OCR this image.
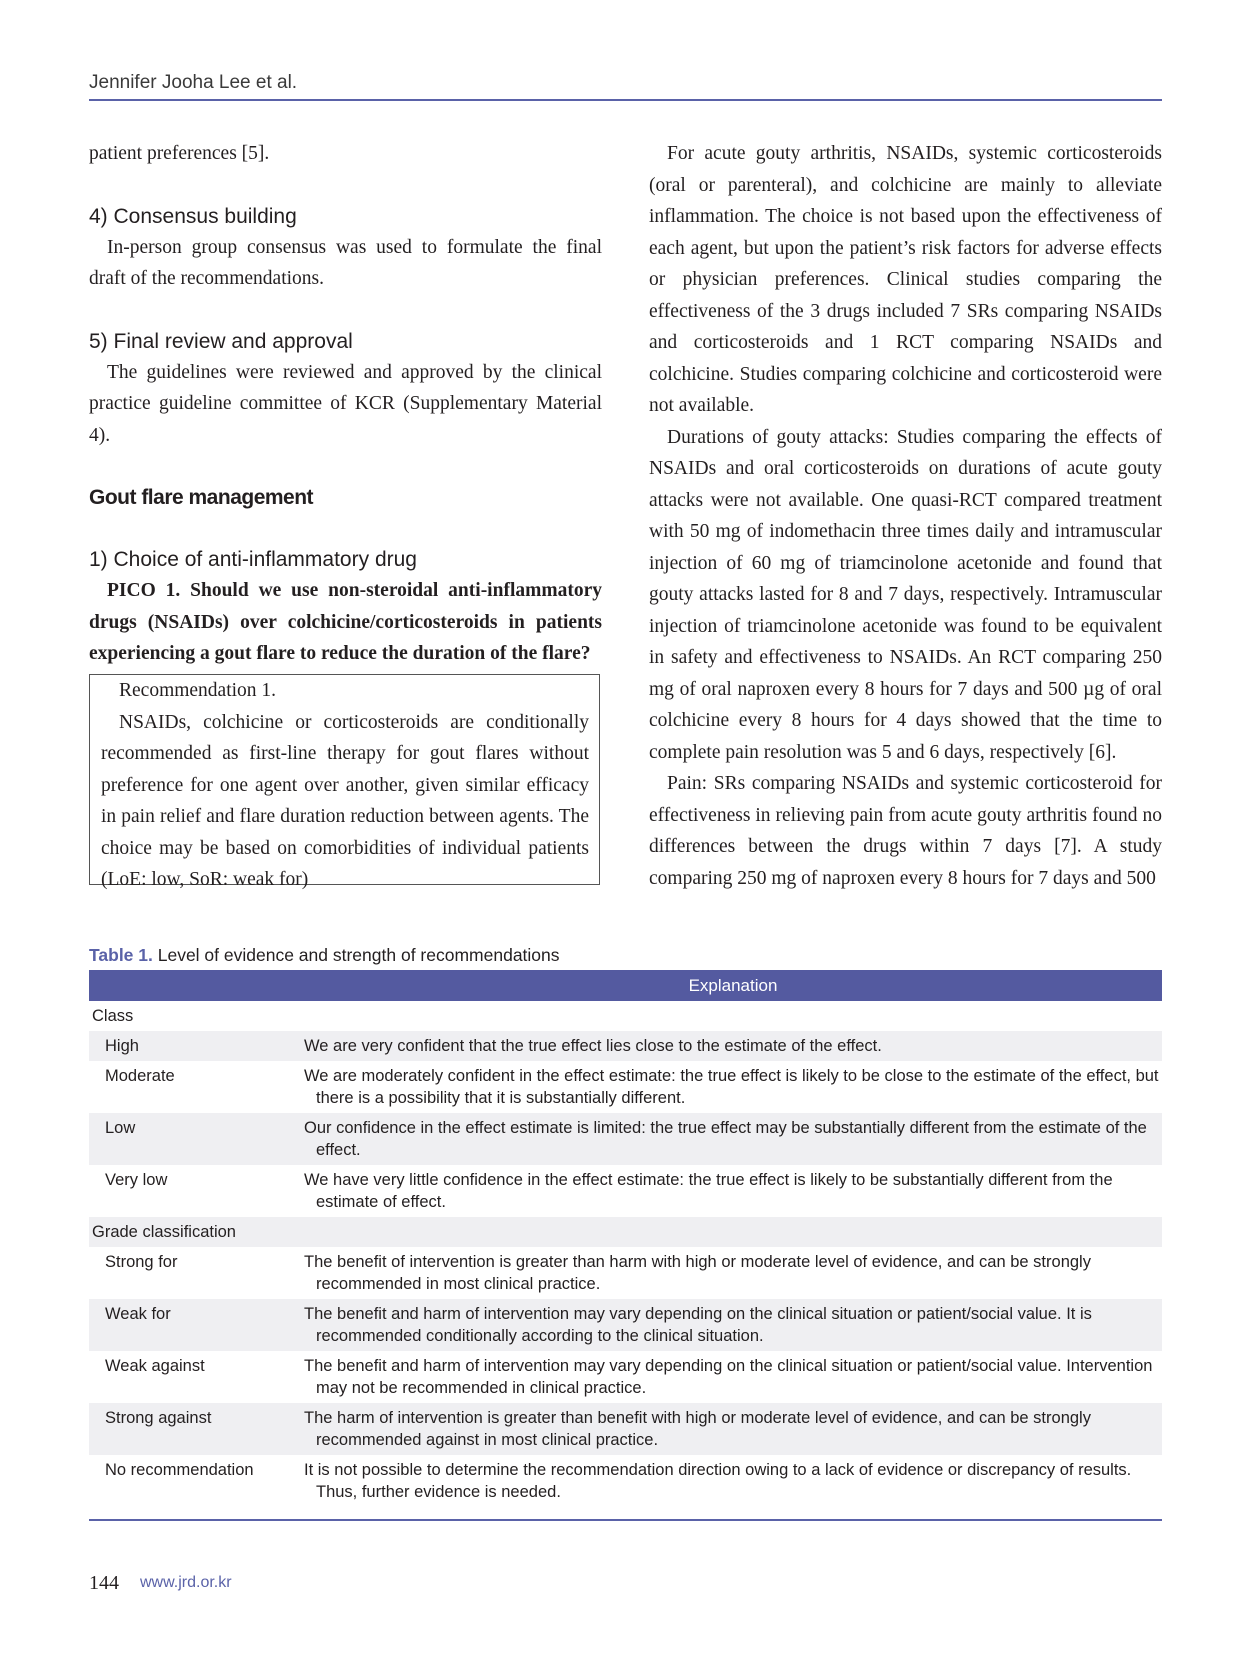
Jennifer Jooha Lee et al.

patient preferences [5].

4) Consensus building

In-person group consensus was used to formulate the final draft of the recommendations.

5) Final review and approval

The guidelines were reviewed and approved by the clinical practice guideline committee of KCR (Supplementary Material 4).

Gout flare management

1) Choice of anti-inflammatory drug

PICO 1. Should we use non-steroidal anti-inflammatory drugs (NSAIDs) over colchicine/corticosteroids in patients experiencing a gout flare to reduce the duration of the flare?

Recommendation 1.

NSAIDs, colchicine or corticosteroids are conditionally recommended as first-line therapy for gout flares without preference for one agent over another, given similar efficacy in pain relief and flare duration reduction between agents. The choice may be based on comorbidities of individual patients (LoE: low, SoR: weak for)

For acute gouty arthritis, NSAIDs, systemic corticosteroids (oral or parenteral), and colchicine are mainly to alleviate inflammation. The choice is not based upon the effectiveness of each agent, but upon the patient’s risk factors for adverse effects or physician preferences. Clinical studies comparing the effectiveness of the 3 drugs included 7 SRs comparing NSAIDs and corticosteroids and 1 RCT comparing NSAIDs and colchicine. Studies comparing colchicine and corticosteroid were not available.

Durations of gouty attacks: Studies comparing the effects of NSAIDs and oral corticosteroids on durations of acute gouty attacks were not available. One quasi-RCT compared treatment with 50 mg of indomethacin three times daily and intramuscular injection of 60 mg of triamcinolone acetonide and found that gouty attacks lasted for 8 and 7 days, respectively. Intramuscular injection of triamcinolone acetonide was found to be equivalent in safety and effectiveness to NSAIDs. An RCT comparing 250 mg of oral naproxen every 8 hours for 7 days and 500 µg of oral colchicine every 8 hours for 4 days showed that the time to complete pain resolution was 5 and 6 days, respectively [6].

Pain: SRs comparing NSAIDs and systemic corticosteroid for effectiveness in relieving pain from acute gouty arthritis found no differences between the drugs within 7 days [7]. A study comparing 250 mg of naproxen every 8 hours for 7 days and 500

Table 1. Level of evidence and strength of recommendations
	Explanation
Class	
High	We are very confident that the true effect lies close to the estimate of the effect.

Moderate	We are moderately confident in the effect estimate: the true effect is likely to be close to the estimate of the effect, but there is a possibility that it is substantially different.

Low	Our confidence in the effect estimate is limited: the true effect may be substantially different from the estimate of the effect.

Very low	We have very little confidence in the effect estimate: the true effect is likely to be substantially different from the estimate of effect.

Grade classification	
Strong for	The benefit of intervention is greater than harm with high or moderate level of evidence, and can be strongly recommended in most clinical practice.

Weak for	The benefit and harm of intervention may vary depending on the clinical situation or patient/social value. It is recommended conditionally according to the clinical situation.

Weak against	The benefit and harm of intervention may vary depending on the clinical situation or patient/social value. Intervention may not be recommended in clinical practice.

Strong against	The harm of intervention is greater than benefit with high or moderate level of evidence, and can be strongly recommended against in most clinical practice.

No recommendation	It is not possible to determine the recommendation direction owing to a lack of evidence or discrepancy of results. Thus, further evidence is needed.
144 www.jrd.or.kr
